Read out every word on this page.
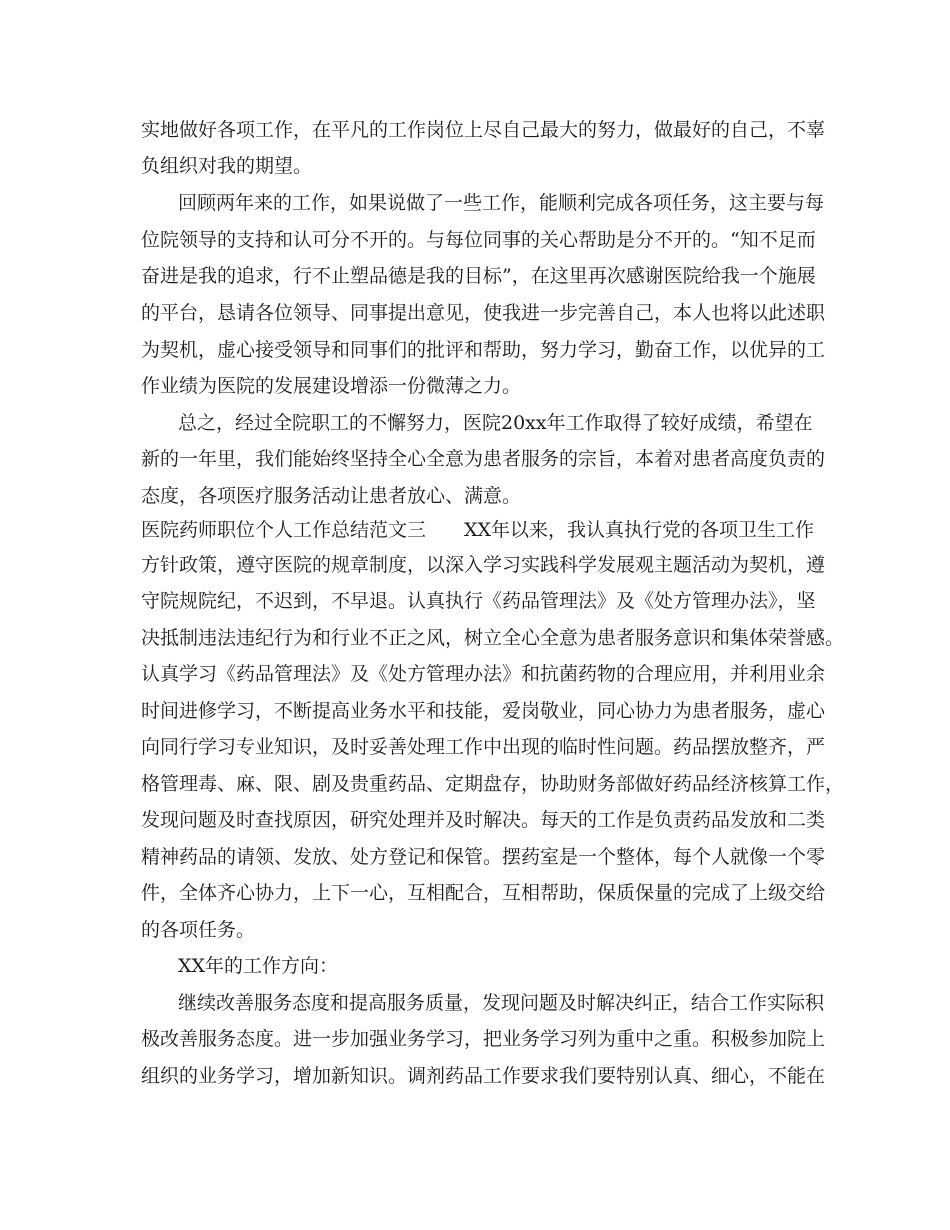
实地做好各项工作，在平凡的工作岗位上尽自己最大的努力，做最好的自己，不辜
负组织对我的期望。
回顾两年来的工作，如果说做了一些工作，能顺利完成各项任务，这主要与每
位院领导的支持和认可分不开的。与每位同事的关心帮助是分不开的。“知不足而
奋进是我的追求，行不止塑品德是我的目标”，在这里再次感谢医院给我一个施展
的平台，恳请各位领导、同事提出意见，使我进一步完善自己，本人也将以此述职
为契机，虚心接受领导和同事们的批评和帮助，努力学习，勤奋工作，以优异的工
作业绩为医院的发展建设增添一份微薄之力。
总之，经过全院职工的不懈努力，医院20xx年工作取得了较好成绩，希望在
新的一年里，我们能始终坚持全心全意为患者服务的宗旨，本着对患者高度负责的
态度，各项医疗服务活动让患者放心、满意。
医院药师职位个人工作总结范文三　　XX年以来，我认真执行党的各项卫生工作
方针政策，遵守医院的规章制度，以深入学习实践科学发展观主题活动为契机，遵
守院规院纪，不迟到，不早退。认真执行《药品管理法》及《处方管理办法》，坚
决抵制违法违纪行为和行业不正之风，树立全心全意为患者服务意识和集体荣誉感。
认真学习《药品管理法》及《处方管理办法》和抗菌药物的合理应用，并利用业余
时间进修学习，不断提高业务水平和技能，爱岗敬业，同心协力为患者服务，虚心
向同行学习专业知识，及时妥善处理工作中出现的临时性问题。药品摆放整齐，严
格管理毒、麻、限、剧及贵重药品、定期盘存，协助财务部做好药品经济核算工作，
发现问题及时查找原因，研究处理并及时解决。每天的工作是负责药品发放和二类
精神药品的请领、发放、处方登记和保管。摆药室是一个整体，每个人就像一个零
件，全体齐心协力，上下一心，互相配合，互相帮助，保质保量的完成了上级交给
的各项任务。
XX年的工作方向：
继续改善服务态度和提高服务质量，发现问题及时解决纠正，结合工作实际积
极改善服务态度。进一步加强业务学习，把业务学习列为重中之重。积极参加院上
组织的业务学习，增加新知识。调剂药品工作要求我们要特别认真、细心，不能在
